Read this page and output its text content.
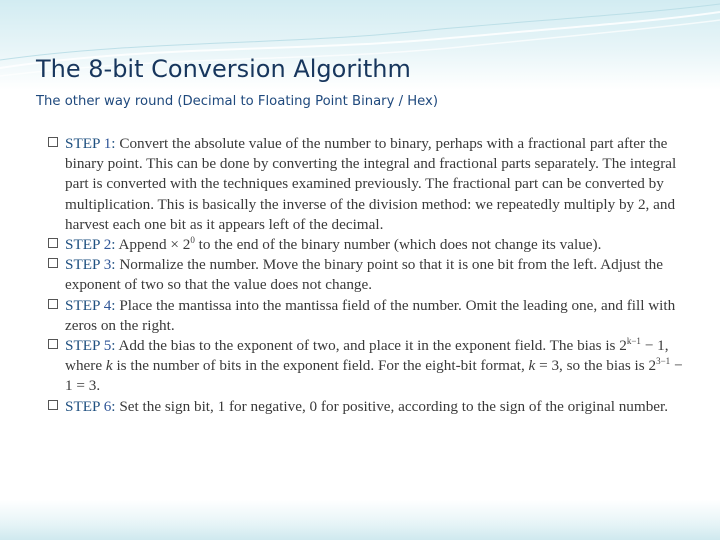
The 8-bit Conversion Algorithm
The other way round (Decimal to Floating Point Binary / Hex)
STEP 1: Convert the absolute value of the number to binary, perhaps with a fractional part after the binary point. This can be done by converting the integral and fractional parts separately. The integral part is converted with the techniques examined previously. The fractional part can be converted by multiplication. This is basically the inverse of the division method: we repeatedly multiply by 2, and harvest each one bit as it appears left of the decimal.
STEP 2: Append × $2^0$ to the end of the binary number (which does not change its value).
STEP 3: Normalize the number. Move the binary point so that it is one bit from the left. Adjust the exponent of two so that the value does not change.
STEP 4: Place the mantissa into the mantissa field of the number. Omit the leading one, and fill with zeros on the right.
STEP 5: Add the bias to the exponent of two, and place it in the exponent field. The bias is $2^{k-1} - 1$, where k is the number of bits in the exponent field. For the eight-bit format, k = 3, so the bias is $2^{3-1} - 1 = 3$.
STEP 6: Set the sign bit, 1 for negative, 0 for positive, according to the sign of the original number.
